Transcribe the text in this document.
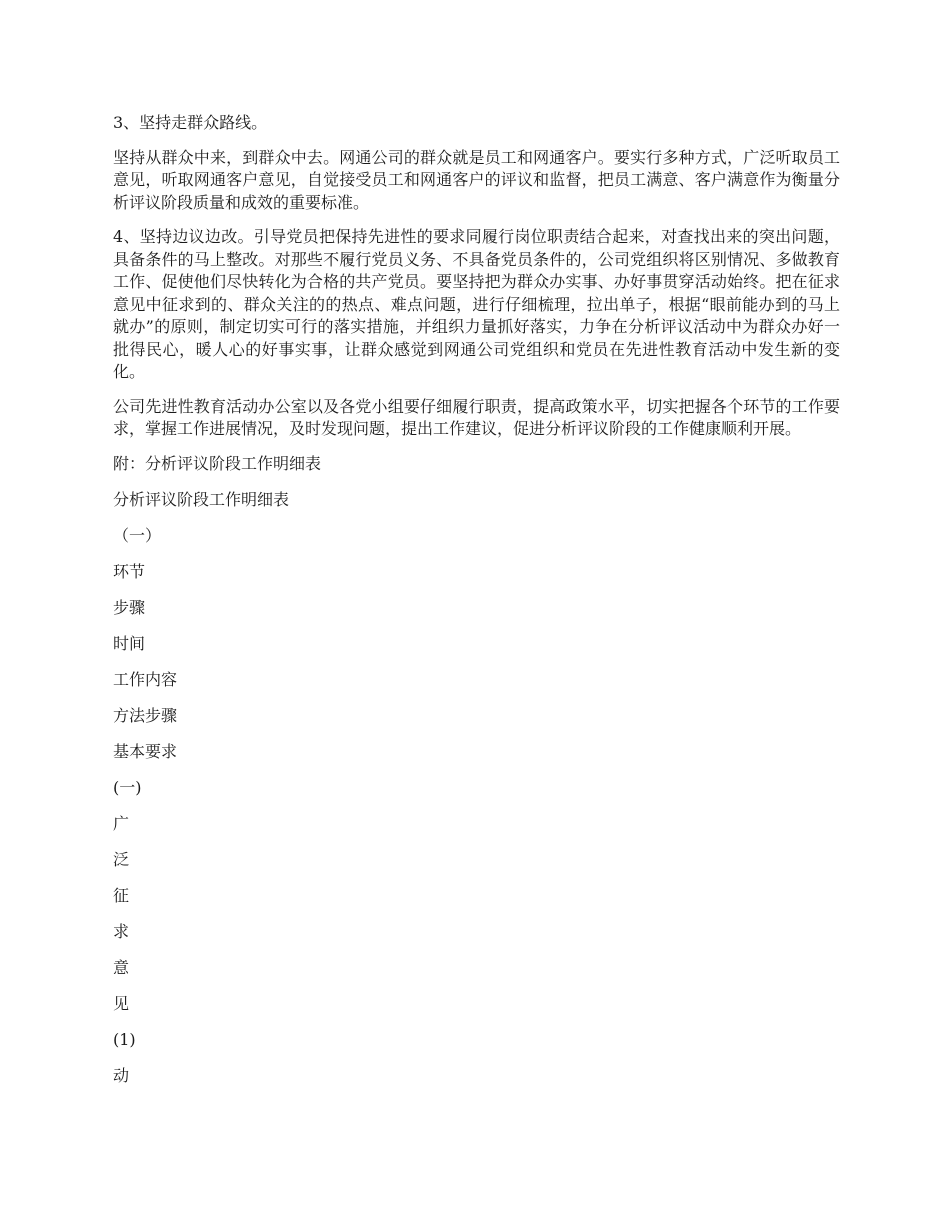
3、坚持走群众路线。

坚持从群众中来，到群众中去。网通公司的群众就是员工和网通客户。要实行多种方式，广泛听取员工意见，听取网通客户意见，自觉接受员工和网通客户的评议和监督，把员工满意、客户满意作为衡量分析评议阶段质量和成效的重要标准。

4、坚持边议边改。引导党员把保持先进性的要求同履行岗位职责结合起来，对查找出来的突出问题，具备条件的马上整改。对那些不履行党员义务、不具备党员条件的，公司党组织将区别情况、多做教育工作、促使他们尽快转化为合格的共产党员。要坚持把为群众办实事、办好事贯穿活动始终。把在征求意见中征求到的、群众关注的的热点、难点问题，进行仔细梳理，拉出单子，根据“眼前能办到的马上就办”的原则，制定切实可行的落实措施，并组织力量抓好落实，力争在分析评议活动中为群众办好一批得民心，暖人心的好事实事，让群众感觉到网通公司党组织和党员在先进性教育活动中发生新的变化。

公司先进性教育活动办公室以及各党小组要仔细履行职责，提高政策水平，切实把握各个环节的工作要求，掌握工作进展情况，及时发现问题，提出工作建议，促进分析评议阶段的工作健康顺利开展。

附：分析评议阶段工作明细表

分析评议阶段工作明细表

（一）

环节

步骤

时间

工作内容

方法步骤

基本要求

(一)

广

泛

征

求

意

见

(1)

动
